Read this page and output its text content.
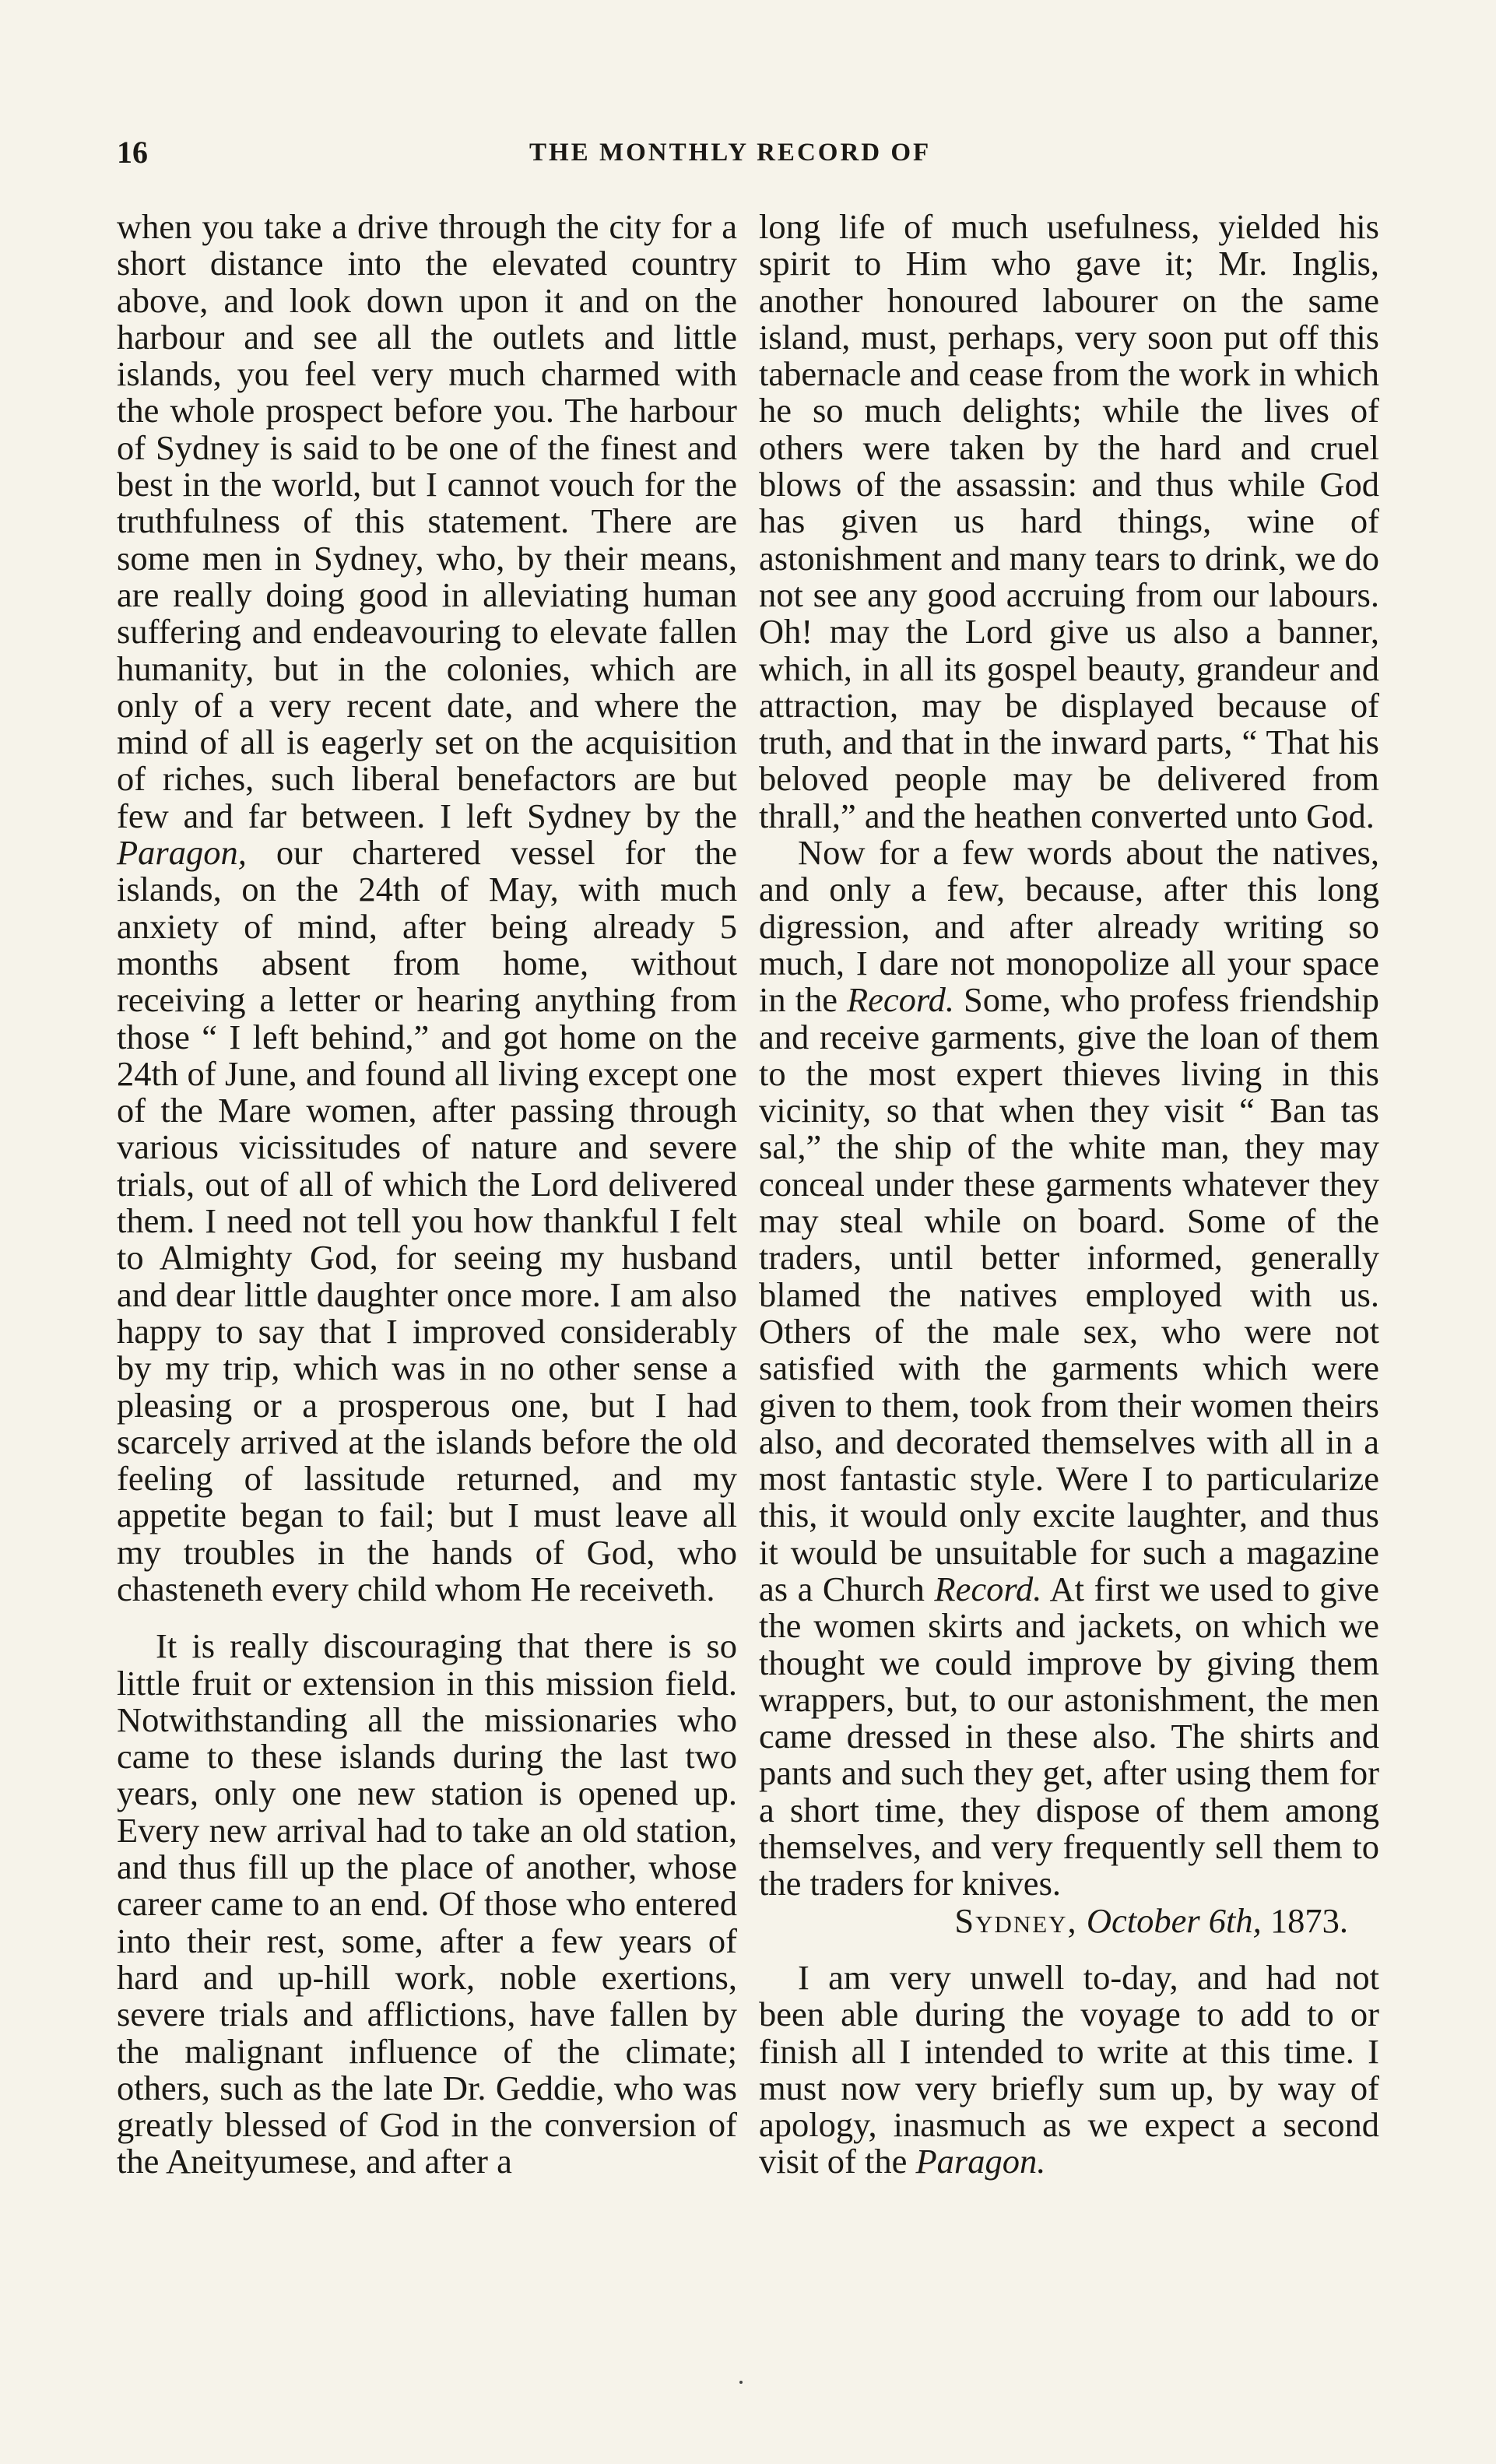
16	THE MONTHLY RECORD OF

when you take a drive through the city for a short distance into the elevated country above, and look down upon it and on the harbour and see all the outlets and little islands, you feel very much charmed with the whole prospect before you. The harbour of Sydney is said to be one of the finest and best in the world, but I cannot vouch for the truthfulness of this statement. There are some men in Sydney, who, by their means, are really doing good in alleviating human suffering and endeavouring to elevate fallen humanity, but in the colonies, which are only of a very recent date, and where the mind of all is eagerly set on the acquisition of riches, such liberal benefactors are but few and far between. I left Sydney by the Paragon, our chartered vessel for the islands, on the 24th of May, with much anxiety of mind, after being already 5 months absent from home, without receiving a letter or hearing anything from those “ I left behind,” and got home on the 24th of June, and found all living except one of the Mare women, after passing through various vicissitudes of nature and severe trials, out of all of which the Lord delivered them. I need not tell you how thankful I felt to Almighty God, for seeing my husband and dear little daughter once more. I am also happy to say that I improved considerably by my trip, which was in no other sense a pleasing or a prosperous one, but I had scarcely arrived at the islands before the old feeling of lassitude returned, and my appetite began to fail; but I must leave all my troubles in the hands of God, who chasteneth every child whom He receiveth.

It is really discouraging that there is so little fruit or extension in this mission field. Notwithstanding all the missionaries who came to these islands during the last two years, only one new station is opened up. Every new arrival had to take an old station, and thus fill up the place of another, whose career came to an end. Of those who entered into their rest, some, after a few years of hard and up-hill work, noble exertions, severe trials and afflictions, have fallen by the malignant influence of the climate; others, such as the late Dr. Geddie, who was greatly blessed of God in the conversion of the Aneityumese, and after a

long life of much usefulness, yielded his spirit to Him who gave it; Mr. Inglis, another honoured labourer on the same island, must, perhaps, very soon put off this tabernacle and cease from the work in which he so much delights; while the lives of others were taken by the hard and cruel blows of the assassin: and thus while God has given us hard things, wine of astonishment and many tears to drink, we do not see any good accruing from our labours. Oh! may the Lord give us also a banner, which, in all its gospel beauty, grandeur and attraction, may be displayed because of truth, and that in the inward parts, “ That his beloved people may be delivered from thrall,” and the heathen converted unto God.

Now for a few words about the natives, and only a few, because, after this long digression, and after already writing so much, I dare not monopolize all your space in the Record. Some, who profess friendship and receive garments, give the loan of them to the most expert thieves living in this vicinity, so that when they visit “ Ban tas sal,” the ship of the white man, they may conceal under these garments whatever they may steal while on board. Some of the traders, until better informed, generally blamed the natives employed with us. Others of the male sex, who were not satisfied with the garments which were given to them, took from their women theirs also, and decorated themselves with all in a most fantastic style. Were I to particularize this, it would only excite laughter, and thus it would be unsuitable for such a magazine as a Church Record. At first we used to give the women skirts and jackets, on which we thought we could improve by giving them wrappers, but, to our astonishment, the men came dressed in these also. The shirts and pants and such they get, after using them for a short time, they dispose of them among themselves, and very frequently sell them to the traders for knives.

Sydney, October 6th, 1873.

I am very unwell to-day, and had not been able during the voyage to add to or finish all I intended to write at this time. I must now very briefly sum up, by way of apology, inasmuch as we expect a second visit of the Paragon.
